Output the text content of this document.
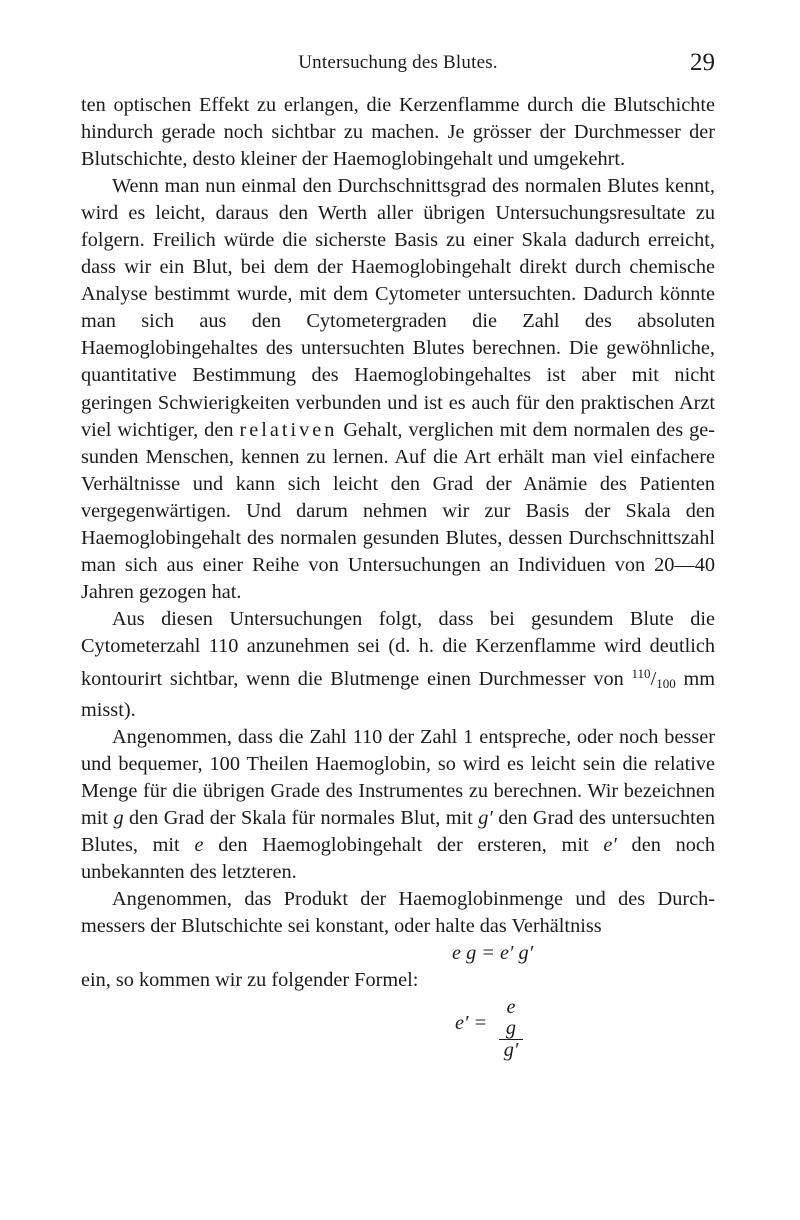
Untersuchung des Blutes.	29

ten optischen Effekt zu erlangen, die Kerzenflamme durch die Blutschichte hindurch gerade noch sichtbar zu machen. Je grösser der Durchmesser der Blutschichte, desto kleiner der Haemoglobingehalt und umgekehrt.

Wenn man nun einmal den Durchschnittsgrad des normalen Blutes kennt, wird es leicht, daraus den Werth aller übrigen Untersuchungsresultate zu folgern. Freilich würde die sicherste Basis zu einer Skala dadurch erreicht, dass wir ein Blut, bei dem der Haemoglobingehalt direkt durch chemische Analyse bestimmt wurde, mit dem Cytometer untersuchten. Dadurch könnte man sich aus den Cytometergraden die Zahl des absoluten Haemoglobingehaltes des untersuchten Blutes berechnen. Die gewöhnliche, quantitative Bestimmung des Haemoglobingehaltes ist aber mit nicht geringen Schwierigkeiten verbunden und ist es auch für den praktischen Arzt viel wichtiger, den relativen Gehalt, verglichen mit dem normalen des gesunden Menschen, kennen zu lernen. Auf die Art erhält man viel einfachere Verhältnisse und kann sich leicht den Grad der Anämie des Patienten vergegenwärtigen. Und darum nehmen wir zur Basis der Skala den Haemoglobingehalt des normalen gesunden Blutes, dessen Durchschnittszahl man sich aus einer Reihe von Untersuchungen an Individuen von 20—40 Jahren gezogen hat.

Aus diesen Untersuchungen folgt, dass bei gesundem Blute die Cytometerzahl 110 anzunehmen sei (d. h. die Kerzenflamme wird deutlich kontourirt sichtbar, wenn die Blutmenge einen Durchmesser von $^{110}/_{100}$ mm misst).

Angenommen, dass die Zahl 110 der Zahl 1 entspreche, oder noch besser und bequemer, 100 Theilen Haemoglobin, so wird es leicht sein die relative Menge für die übrigen Grade des Instrumentes zu berechnen. Wir bezeichnen mit g den Grad der Skala für normales Blut, mit g′ den Grad des untersuchten Blutes, mit e den Haemoglobingehalt der ersteren, mit e′ den noch unbekannten des letzteren.

Angenommen, das Produkt der Haemoglobinmenge und des Durchmessers der Blutschichte sei konstant, oder halte das Verhältniss

e g = e′ g′

ein, so kommen wir zu folgender Formel:

e′ =
e g
g′
